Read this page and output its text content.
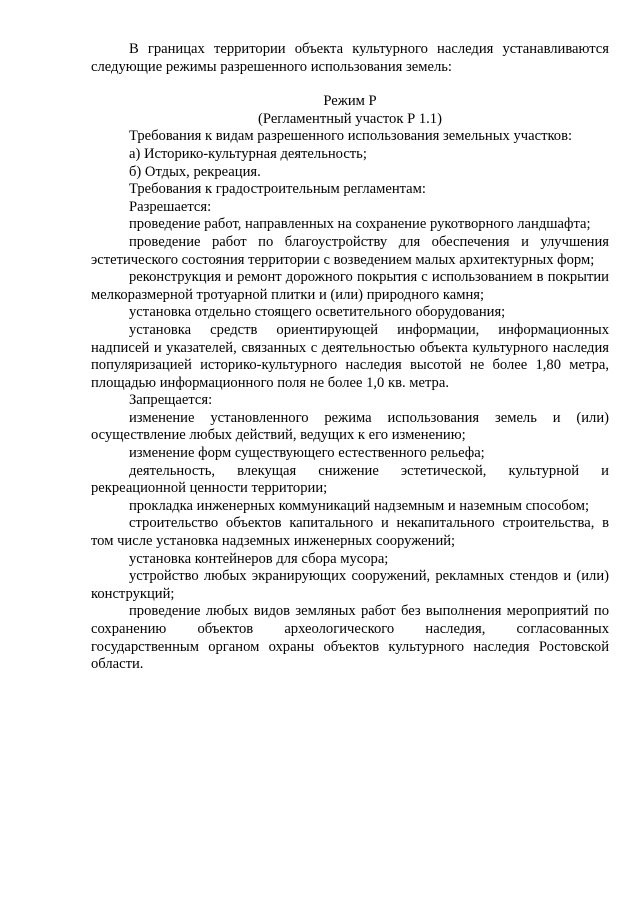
В границах территории объекта культурного наследия устанавливаются следующие режимы разрешенного использования земель:

Режим Р

(Регламентный участок Р 1.1)

Требования к видам разрешенного использования земельных участков:

а) Историко-культурная деятельность;

б) Отдых, рекреация.

Требования к градостроительным регламентам:

Разрешается:

проведение работ, направленных на сохранение рукотворного ландшафта;

проведение работ по благоустройству для обеспечения и улучшения эстетического состояния территории с возведением малых архитектурных форм;

реконструкция и ремонт дорожного покрытия с использованием в покрытии мелкоразмерной тротуарной плитки и (или) природного камня;

установка отдельно стоящего осветительного оборудования;

установка средств ориентирующей информации, информационных надписей и указателей, связанных с деятельностью объекта культурного наследия популяризацией историко-культурного наследия высотой не более 1,80 метра, площадью информационного поля не более 1,0 кв. метра.

Запрещается:

изменение установленного режима использования земель и (или) осуществление любых действий, ведущих к его изменению;

изменение форм существующего естественного рельефа;

деятельность, влекущая снижение эстетической, культурной и рекреационной ценности территории;

прокладка инженерных коммуникаций надземным и наземным способом;

строительство объектов капитального и некапитального строительства, в том числе установка надземных инженерных сооружений;

установка контейнеров для сбора мусора;

устройство любых экранирующих сооружений, рекламных стендов и (или) конструкций;

проведение любых видов земляных работ без выполнения мероприятий по сохранению объектов археологического наследия, согласованных государственным органом охраны объектов культурного наследия Ростовской области.
